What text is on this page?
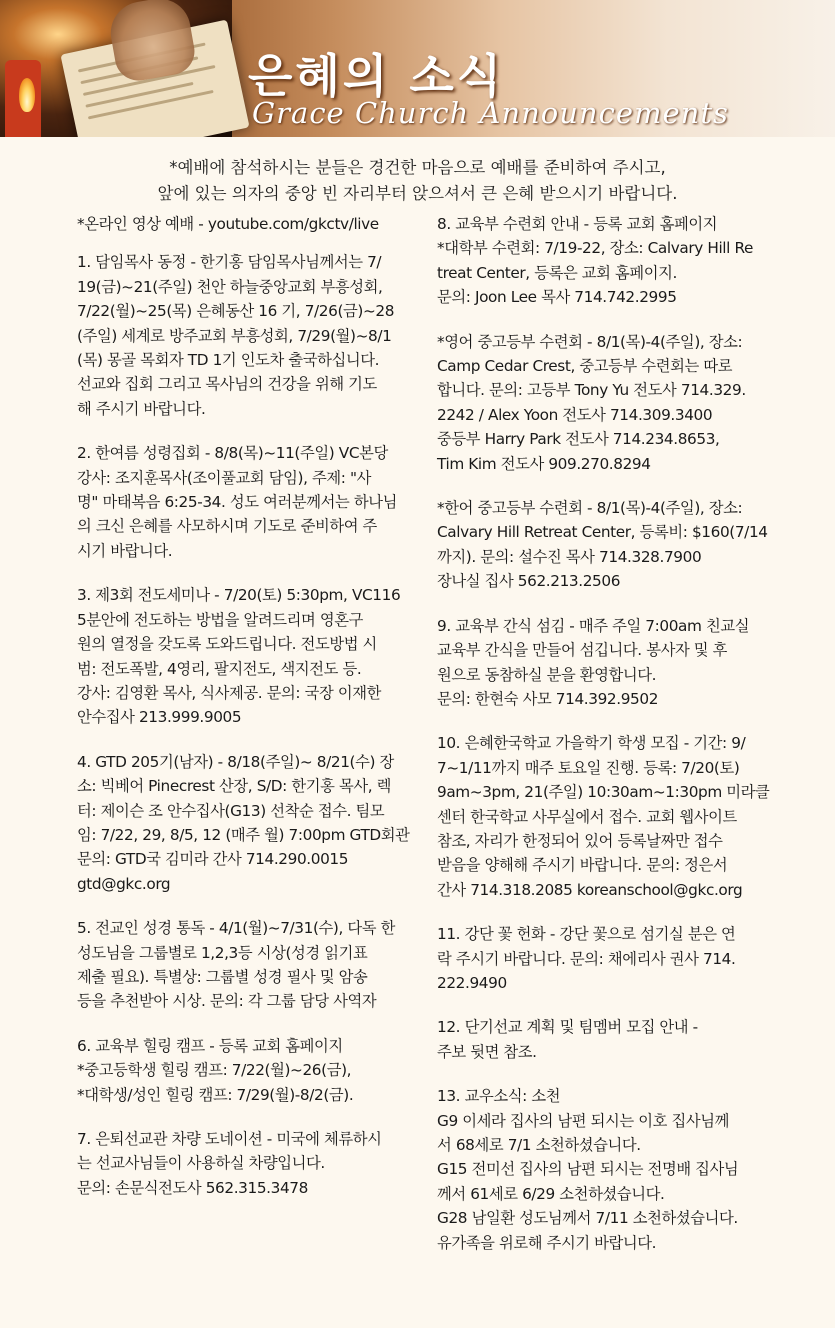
은혜의 소식
Grace Church Announcements
*예배에 참석하시는 분들은 경건한 마음으로 예배를 준비하여 주시고,
앞에 있는 의자의 중앙 빈 자리부터 앉으셔서 큰 은혜 받으시기 바랍니다.

*온라인 영상 예배 - youtube.com/gkctv/live

1. 담임목사 동정 - 한기홍 담임목사님께서는 7/
19(금)~21(주일) 천안 하늘중앙교회 부흥성회,
7/22(월)~25(목) 은혜동산 16 기, 7/26(금)~28
(주일) 세계로 방주교회 부흥성회, 7/29(월)~8/1
(목) 몽골 목회자 TD 1기 인도차 출국하십니다.
선교와 집회 그리고 목사님의 건강을 위해 기도
해 주시기 바랍니다.

2. 한여름 성령집회 - 8/8(목)~11(주일) VC본당
강사: 조지훈목사(조이풀교회 담임), 주제: "사
명" 마태복음 6:25-34. 성도 여러분께서는 하나님
의 크신 은혜를 사모하시며 기도로 준비하여 주
시기 바랍니다.

3. 제3회 전도세미나 - 7/20(토) 5:30pm, VC116
5분안에 전도하는 방법을 알려드리며 영혼구
원의 열정을 갖도록 도와드립니다. 전도방법 시
범: 전도폭발, 4영리, 팔지전도, 색지전도 등.
강사: 김영환 목사, 식사제공. 문의: 국장 이재한
안수집사 213.999.9005

4. GTD 205기(남자) - 8/18(주일)~ 8/21(수) 장
소: 빅베어 Pinecrest 산장, S/D: 한기홍 목사, 렉
터: 제이슨 조 안수집사(G13) 선착순 접수. 팀모
임: 7/22, 29, 8/5, 12 (매주 월) 7:00pm GTD회관
문의: GTD국 김미라 간사 714.290.0015
gtd@gkc.org

5. 전교인 성경 통독 - 4/1(월)~7/31(수), 다독 한
성도님을 그룹별로 1,2,3등 시상(성경 읽기표
제출 필요). 특별상: 그룹별 성경 필사 및 암송
등을 추천받아 시상. 문의: 각 그룹 담당 사역자

6. 교육부 힐링 캠프 - 등록 교회 홈페이지
*중고등학생 힐링 캠프: 7/22(월)~26(금),
*대학생/성인 힐링 캠프: 7/29(월)-8/2(금).

7. 은퇴선교관 차량 도네이션 - 미국에 체류하시
는 선교사님들이 사용하실 차량입니다.
문의: 손문식전도사 562.315.3478

8. 교육부 수련회 안내 - 등록 교회 홈페이지
*대학부 수련회: 7/19-22, 장소: Calvary Hill Re
treat Center, 등록은 교회 홈페이지.
문의: Joon Lee 목사 714.742.2995

*영어 중고등부 수련회 - 8/1(목)-4(주일), 장소:
Camp Cedar Crest, 중고등부 수련회는 따로
합니다. 문의: 고등부 Tony Yu 전도사 714.329.
2242 / Alex Yoon 전도사 714.309.3400
중등부 Harry Park 전도사 714.234.8653,
Tim Kim 전도사 909.270.8294

*한어 중고등부 수련회 - 8/1(목)-4(주일), 장소:
Calvary Hill Retreat Center, 등록비: $160(7/14
까지). 문의: 설수진 목사 714.328.7900
장나실 집사 562.213.2506

9. 교육부 간식 섬김 - 매주 주일 7:00am 친교실
교육부 간식을 만들어 섬깁니다. 봉사자 및 후
원으로 동참하실 분을 환영합니다.
문의: 한현숙 사모 714.392.9502

10. 은혜한국학교 가을학기 학생 모집 - 기간: 9/
7~1/11까지 매주 토요일 진행. 등록: 7/20(토)
9am~3pm, 21(주일) 10:30am~1:30pm 미라클
센터 한국학교 사무실에서 접수. 교회 웹사이트
참조, 자리가 한정되어 있어 등록날짜만 접수
받음을 양해해 주시기 바랍니다. 문의: 정은서
간사 714.318.2085 koreanschool@gkc.org

11. 강단 꽃 헌화 - 강단 꽃으로 섬기실 분은 연
락 주시기 바랍니다. 문의: 채에리사 권사 714.
222.9490

12. 단기선교 계획 및 팀멤버 모집 안내 -
주보 뒷면 참조.

13. 교우소식: 소천
G9 이세라 집사의 남편 되시는 이호 집사님께
서 68세로 7/1 소천하셨습니다.
G15 전미선 집사의 남편 되시는 전명배 집사님
께서 61세로 6/29 소천하셨습니다.
G28 남일환 성도님께서 7/11 소천하셨습니다.
유가족을 위로해 주시기 바랍니다.
